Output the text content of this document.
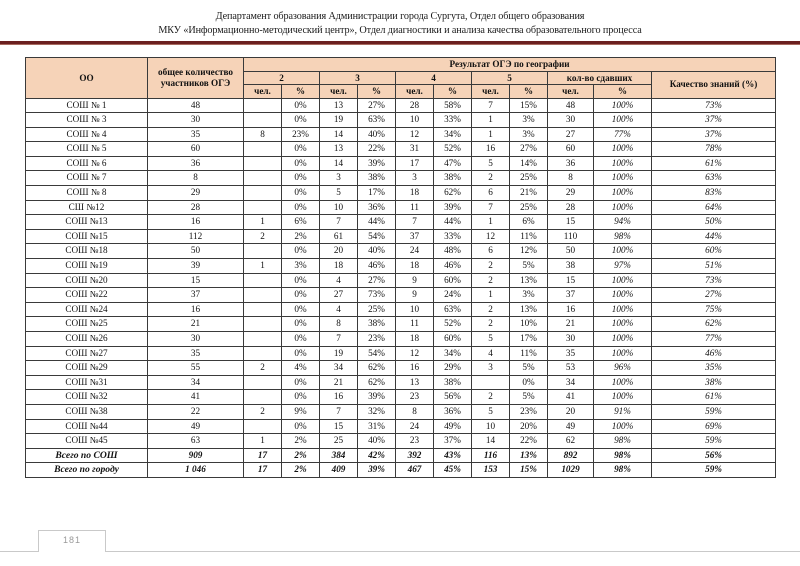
Департамент образования Администрации города Сургута, Отдел общего образования
МКУ «Информационно-методический центр», Отдел диагностики и анализа качества образовательного процесса
ОО	общее количество участников ОГЭ	Результат ОГЭ по географии										
		2		3		4		5		кол-во сдавших		Качество знаний (%)
		чел.	%	чел.	%	чел.	%	чел.	%	чел.	%	
СОШ № 1	48		0%	13	27%	28	58%	7	15%	48	100%	73%
СОШ № 3	30		0%	19	63%	10	33%	1	3%	30	100%	37%
СОШ № 4	35	8	23%	14	40%	12	34%	1	3%	27	77%	37%
СОШ № 5	60		0%	13	22%	31	52%	16	27%	60	100%	78%
СОШ № 6	36		0%	14	39%	17	47%	5	14%	36	100%	61%
СОШ № 7	8		0%	3	38%	3	38%	2	25%	8	100%	63%
СОШ № 8	29		0%	5	17%	18	62%	6	21%	29	100%	83%
СШ №12	28		0%	10	36%	11	39%	7	25%	28	100%	64%
СОШ №13	16	1	6%	7	44%	7	44%	1	6%	15	94%	50%
СОШ №15	112	2	2%	61	54%	37	33%	12	11%	110	98%	44%
СОШ №18	50		0%	20	40%	24	48%	6	12%	50	100%	60%
СОШ №19	39	1	3%	18	46%	18	46%	2	5%	38	97%	51%
СОШ №20	15		0%	4	27%	9	60%	2	13%	15	100%	73%
СОШ №22	37		0%	27	73%	9	24%	1	3%	37	100%	27%
СОШ №24	16		0%	4	25%	10	63%	2	13%	16	100%	75%
СОШ №25	21		0%	8	38%	11	52%	2	10%	21	100%	62%
СОШ №26	30		0%	7	23%	18	60%	5	17%	30	100%	77%
СОШ №27	35		0%	19	54%	12	34%	4	11%	35	100%	46%
СОШ №29	55	2	4%	34	62%	16	29%	3	5%	53	96%	35%
СОШ №31	34		0%	21	62%	13	38%		0%	34	100%	38%
СОШ №32	41		0%	16	39%	23	56%	2	5%	41	100%	61%
СОШ №38	22	2	9%	7	32%	8	36%	5	23%	20	91%	59%
СОШ №44	49		0%	15	31%	24	49%	10	20%	49	100%	69%
СОШ №45	63	1	2%	25	40%	23	37%	14	22%	62	98%	59%
Всего по СОШ	909	17	2%	384	42%	392	43%	116	13%	892	98%	56%
Всего по городу	1 046	17	2%	409	39%	467	45%	153	15%	1029	98%	59%
181
